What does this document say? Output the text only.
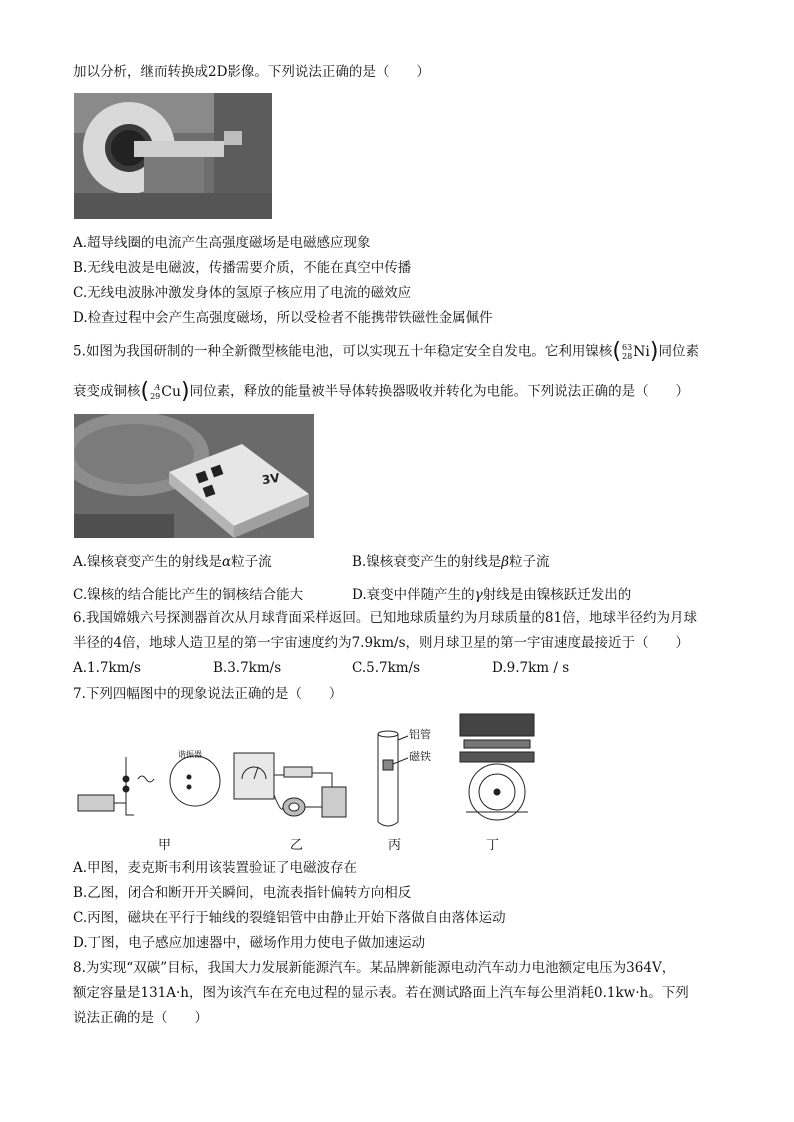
加以分析，继而转换成2D影像。下列说法正确的是（　　）
A.超导线圈的电流产生高强度磁场是电磁感应现象
B.无线电波是电磁波，传播需要介质，不能在真空中传播
C.无线电波脉冲激发身体的氢原子核应用了电流的磁效应
D.检查过程中会产生高强度磁场，所以受检者不能携带铁磁性金属佩件
5.如图为我国研制的一种全新微型核能电池，可以实现五十年稳定安全自发电。它利用镍核 ( 63
28 Ni ) 同位素
衰变成铜核 ( A
29 Cu ) 同位素，释放的能量被半导体转换器吸收并转化为电能。下列说法正确的是（　　）
3V
A.镍核衰变产生的射线是α粒子流	B.镍核衰变产生的射线是β粒子流
C.镍核的结合能比产生的铜核结合能大	D.衰变中伴随产生的γ射线是由镍核跃迁发出的
6.我国嫦娥六号探测器首次从月球背面采样返回。已知地球质量约为月球质量的81倍，地球半径约为月球
半径的4倍，地球人造卫星的第一宇宙速度约为7.9km/s，则月球卫星的第一宇宙速度最接近于（　　）
A.1.7km/s	B.3.7km/s	C.5.7km/s	D.9.7km / s
7.下列四幅图中的现象说法正确的是（　　）
谐振器
铝管
磁铁
甲	乙	丙	丁
A.甲图，麦克斯韦利用该装置验证了电磁波存在
B.乙图，闭合和断开开关瞬间，电流表指针偏转方向相反
C.丙图，磁块在平行于轴线的裂缝铝管中由静止开始下落做自由落体运动
D.丁图，电子感应加速器中，磁场作用力使电子做加速运动
8.为实现“双碳”目标，我国大力发展新能源汽车。某品牌新能源电动汽车动力电池额定电压为364V，
额定容量是131A·h，图为该汽车在充电过程的显示表。若在测试路面上汽车每公里消耗0.1kw·h。下列
说法正确的是（　　）
